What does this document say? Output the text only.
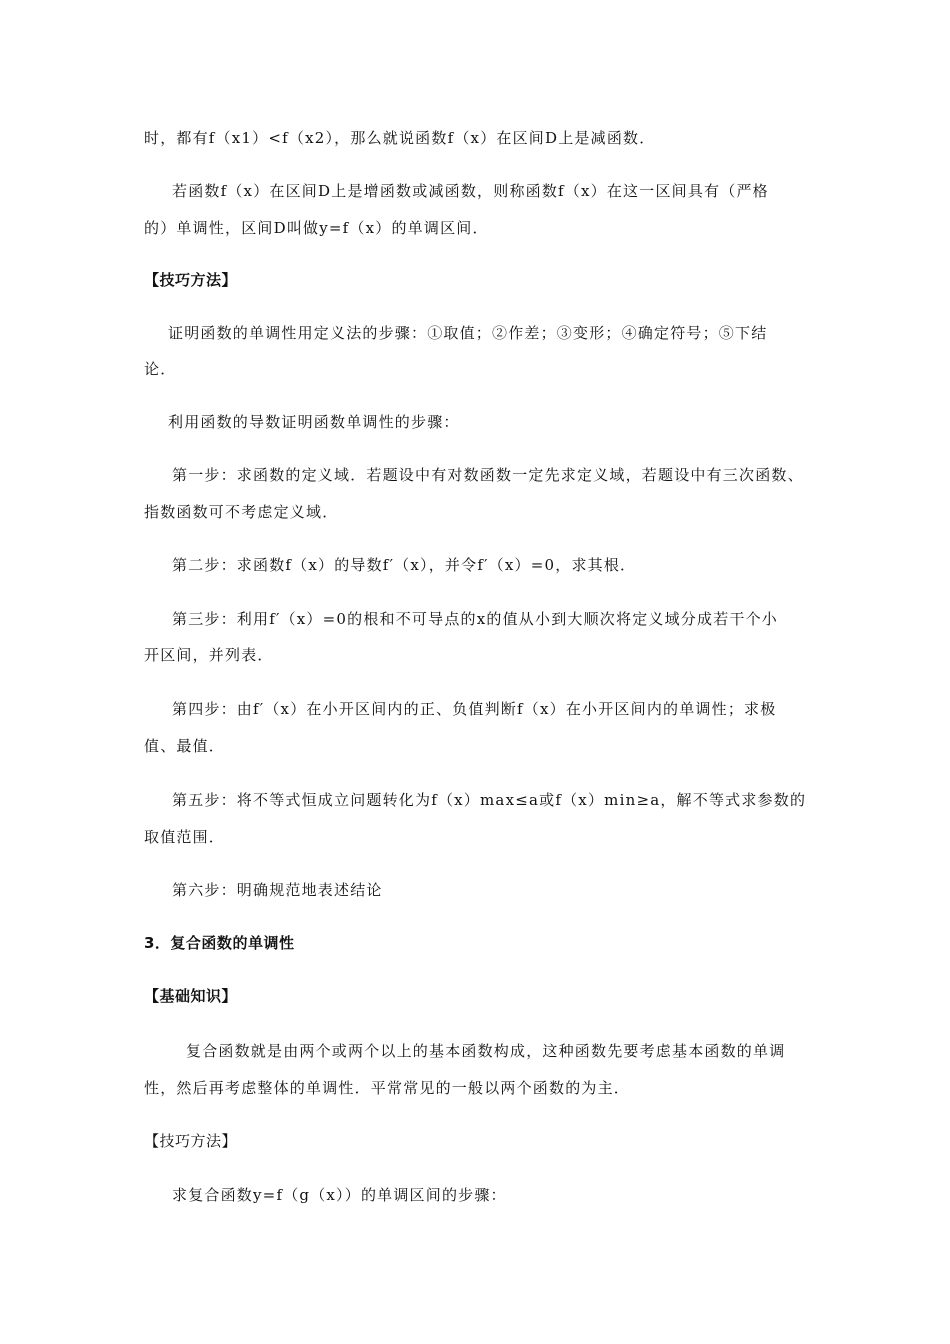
时，都有f（x1）<f（x2），那么就说函数f（x）在区间D上是减函数．
若函数f（x）在区间D上是增函数或减函数，则称函数f（x）在这一区间具有（严格
的）单调性，区间D叫做y=f（x）的单调区间．
【技巧方法】
证明函数的单调性用定义法的步骤：①取值；②作差；③变形；④确定符号；⑤下结
论．
利用函数的导数证明函数单调性的步骤：
第一步：求函数的定义域．若题设中有对数函数一定先求定义域，若题设中有三次函数、
指数函数可不考虑定义域．
第二步：求函数f（x）的导数f′（x），并令f′（x）=0，求其根．
第三步：利用f′（x）=0的根和不可导点的x的值从小到大顺次将定义域分成若干个小
开区间，并列表．
第四步：由f′（x）在小开区间内的正、负值判断f（x）在小开区间内的单调性；求极
值、最值．
第五步：将不等式恒成立问题转化为f（x）max≤a或f（x）min≥a，解不等式求参数的
取值范围．
第六步：明确规范地表述结论
3．复合函数的单调性
【基础知识】
复合函数就是由两个或两个以上的基本函数构成，这种函数先要考虑基本函数的单调
性，然后再考虑整体的单调性．平常常见的一般以两个函数的为主．
【技巧方法】
求复合函数y=f（g（x））的单调区间的步骤：
